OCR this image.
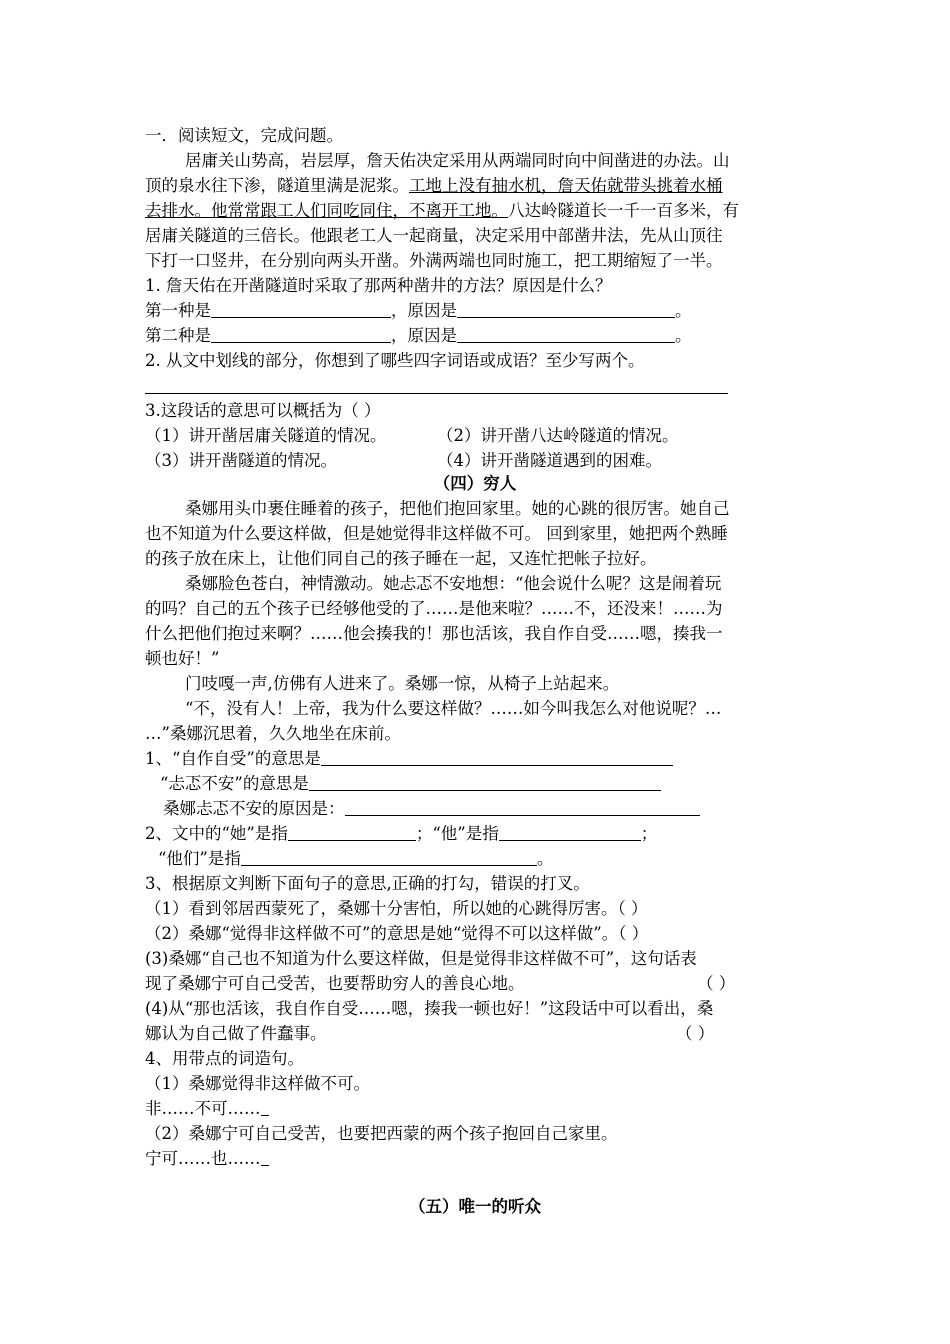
一．阅读短文，完成问题。
居庸关山势高，岩层厚，詹天佑决定采用从两端同时向中间凿进的办法。山
顶的泉水往下渗，隧道里满是泥浆。工地上没有抽水机，詹天佑就带头挑着水桶
去排水。他常常跟工人们同吃同住，不离开工地。八达岭隧道长一千一百多米，有
居庸关隧道的三倍长。他跟老工人一起商量，决定采用中部凿井法，先从山顶往
下打一口竖井，在分别向两头开凿。外满两端也同时施工，把工期缩短了一半。
1. 詹天佑在开凿隧道时采取了那两种凿井的方法？原因是什么？
第一种是	，原因是	。
第二种是	，原因是	。
2. 从文中划线的部分，你想到了哪些四字词语或成语？至少写两个。
3.这段话的意思可以概括为（ ）
（1）讲开凿居庸关隧道的情况。	（2）讲开凿八达岭隧道的情况。
（3）讲开凿隧道的情况。	（4）讲开凿隧道遇到的困难。
（四）穷人
桑娜用头巾裹住睡着的孩子，把他们抱回家里。她的心跳的很厉害。她自己
也不知道为什么要这样做，但是她觉得非这样做不可。 回到家里，她把两个熟睡
的孩子放在床上，让他们同自己的孩子睡在一起，又连忙把帐子拉好。
桑娜脸色苍白，神情激动。她忐忑不安地想：“他会说什么呢？这是闹着玩
的吗？自己的五个孩子已经够他受的了……是他来啦？……不，还没来！……为
什么把他们抱过来啊？……他会揍我的！那也活该，我自作自受……嗯，揍我一
顿也好！”
门吱嘎一声,仿佛有人进来了。桑娜一惊，从椅子上站起来。
“不，没有人！上帝，我为什么要这样做？……如今叫我怎么对他说呢？…
…”桑娜沉思着，久久地坐在床前。
1、“自作自受”的意思是
“忐忑不安”的意思是
桑娜忐忑不安的原因是：
2、文中的“她”是指	；“他”是指	；
“他们”是指	。
3、根据原文判断下面句子的意思,正确的打勾，错误的打叉。
（1）看到邻居西蒙死了，桑娜十分害怕，所以她的心跳得厉害。（ ）
（2）桑娜“觉得非这样做不可”的意思是她“觉得不可以这样做”。（ ）
(3)桑娜“自己也不知道为什么要这样做，但是觉得非这样做不可”，这句话表
现了桑娜宁可自己受苦，也要帮助穷人的善良心地。	（ ）
(4)从“那也活该，我自作自受……嗯，揍我一顿也好！”这段话中可以看出，桑
娜认为自己做了件蠢事。	（ ）
4、用带点的词造句。
（1）桑娜觉得非这样做不可。
非……不可……
（2）桑娜宁可自己受苦，也要把西蒙的两个孩子抱回自己家里。
宁可……也……
（五）唯一的听众
